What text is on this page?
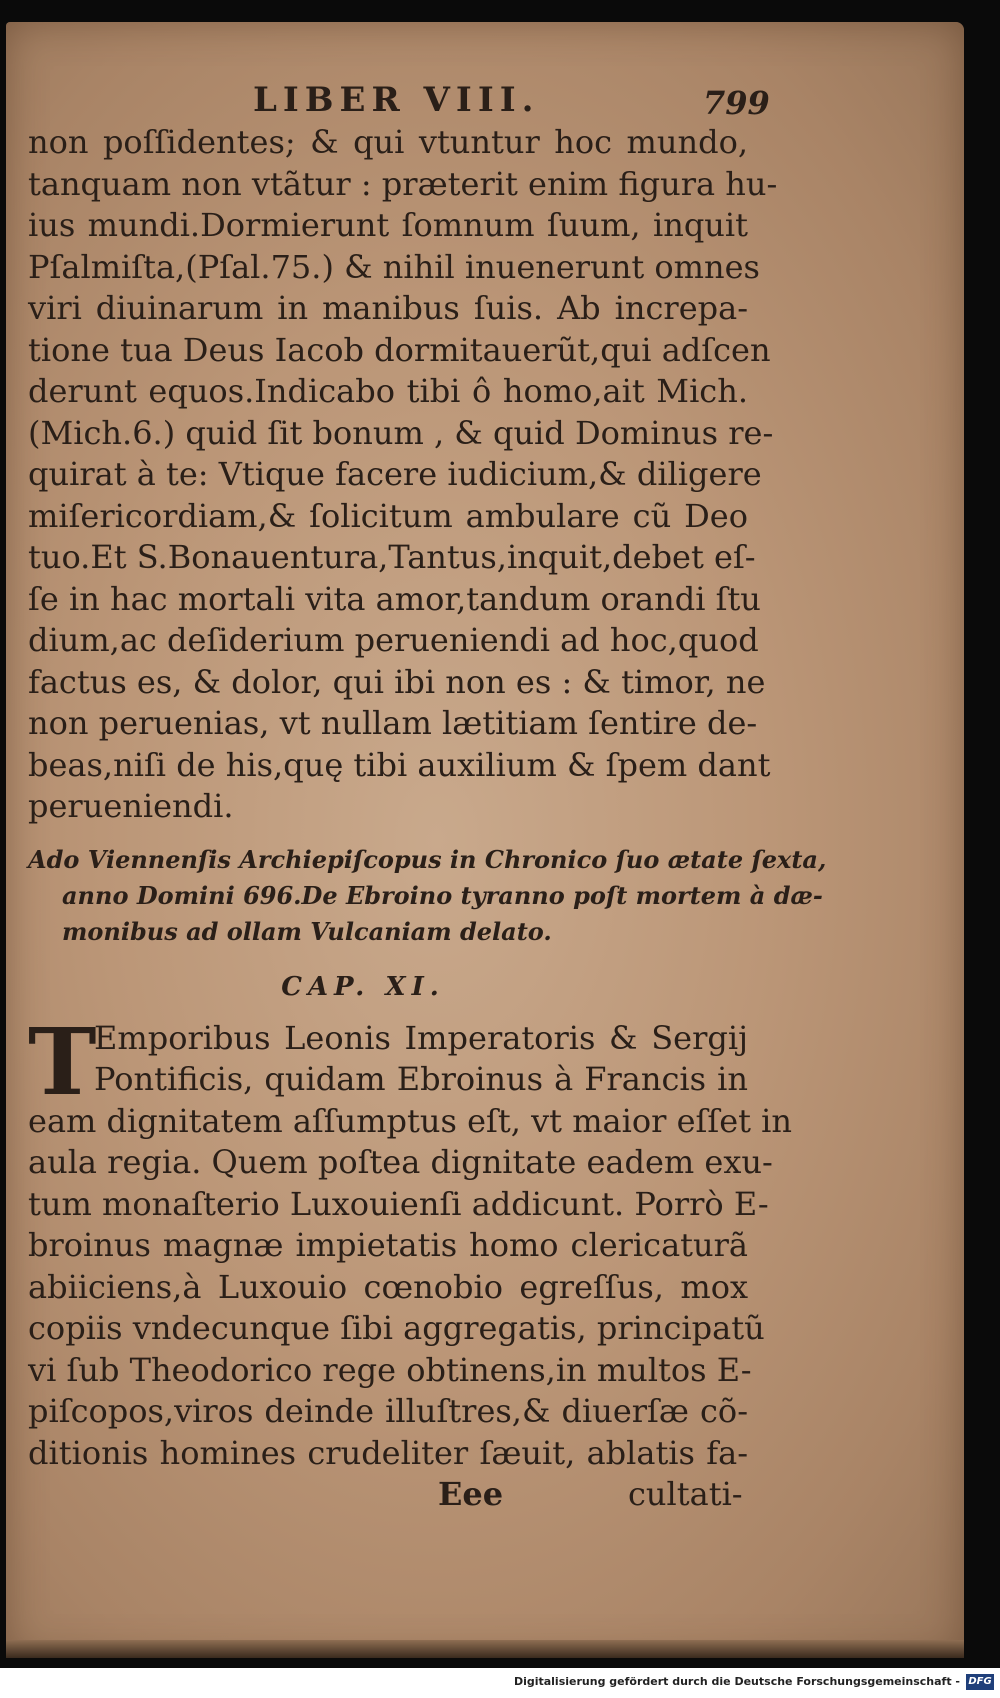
LIBER VIII.	799
non poſſidentes; & qui vtuntur hoc mundo,
tanquam non vtãtur : præterit enim figura hu-
ius mundi.Dormierunt ſomnum ſuum, inquit
Pſalmiſta,(Pſal.75.) & nihil inuenerunt omnes
viri diuinarum in manibus ſuis. Ab increpa-
tione tua Deus Iacob dormitauerũt,qui adſcen
derunt equos.Indicabo tibi ô homo,ait Mich.
(Mich.6.) quid ſit bonum , & quid Dominus re-
quirat à te: Vtique facere iudicium,& diligere
miſericordiam,& ſolicitum ambulare cũ Deo
tuo.Et S.Bonauentura,Tantus,inquit,debet eſ-
ſe in hac mortali vita amor,tandum orandi ſtu
dium,ac deſiderium perueniendi ad hoc,quod
factus es, & dolor, qui ibi non es : & timor, ne
non peruenias, vt nullam lætitiam ſentire de-
beas,niſi de his,quę tibi auxilium & ſpem dant
perueniendi.
Ado Viennenſis Archiepiſcopus in Chronico ſuo ætate ſexta,
anno Domini 696.De Ebroino tyranno poſt mortem à dæ-
monibus ad ollam Vulcaniam delato.
CAP. XI.
T
Emporibus Leonis Imperatoris & Sergij
Pontificis, quidam Ebroinus à Francis in
eam dignitatem aſſumptus eſt, vt maior eſſet in
aula regia. Quem poſtea dignitate eadem exu-
tum monaſterio Luxouienſi addicunt. Porrò E-
broinus magnæ impietatis homo clericaturã
abiiciens,à Luxouio cœnobio egreſſus, mox
copiis vndecunque ſibi aggregatis, principatũ
vi ſub Theodorico rege obtinens,in multos E-
piſcopos,viros deinde illuſtres,& diuerſæ cõ-
ditionis homines crudeliter ſæuit, ablatis fa-
Eee	cultati-
Digitalisierung gefördert durch die Deutsche Forschungsgemeinschaft - DFG
